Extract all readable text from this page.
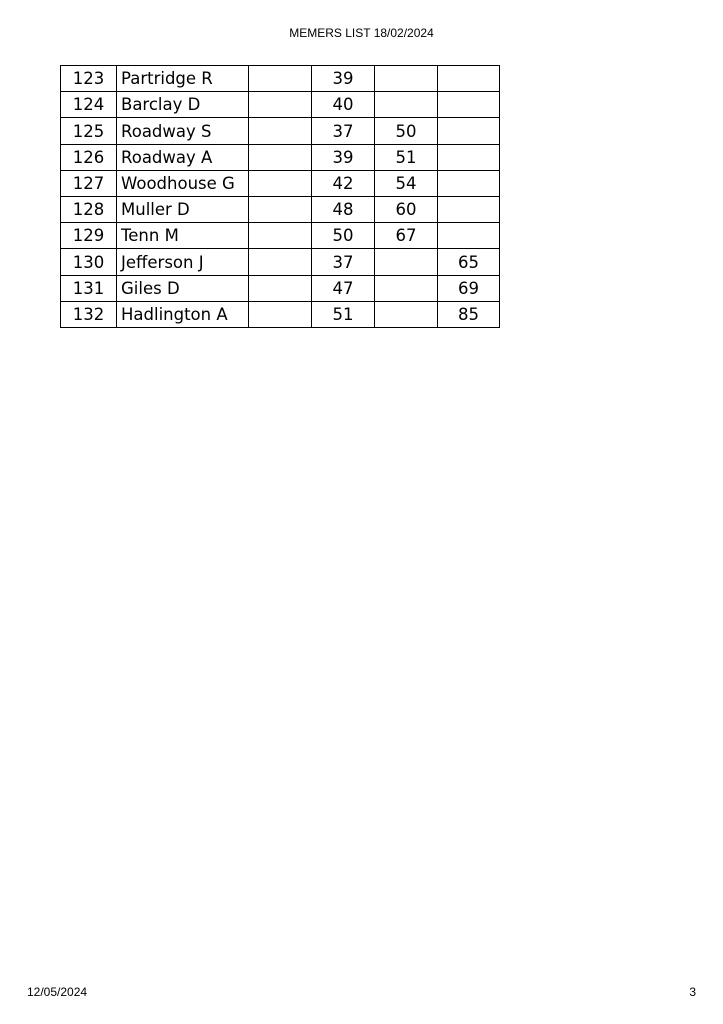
MEMERS LIST 18/02/2024
123	Partridge R		39		
124	Barclay D		40		
125	Roadway S		37	50	
126	Roadway A		39	51	
127	Woodhouse G		42	54	
128	Muller D		48	60	
129	Tenn M		50	67	
130	Jefferson J		37		65
131	Giles D		47		69
132	Hadlington A		51		85
12/05/2024	3
